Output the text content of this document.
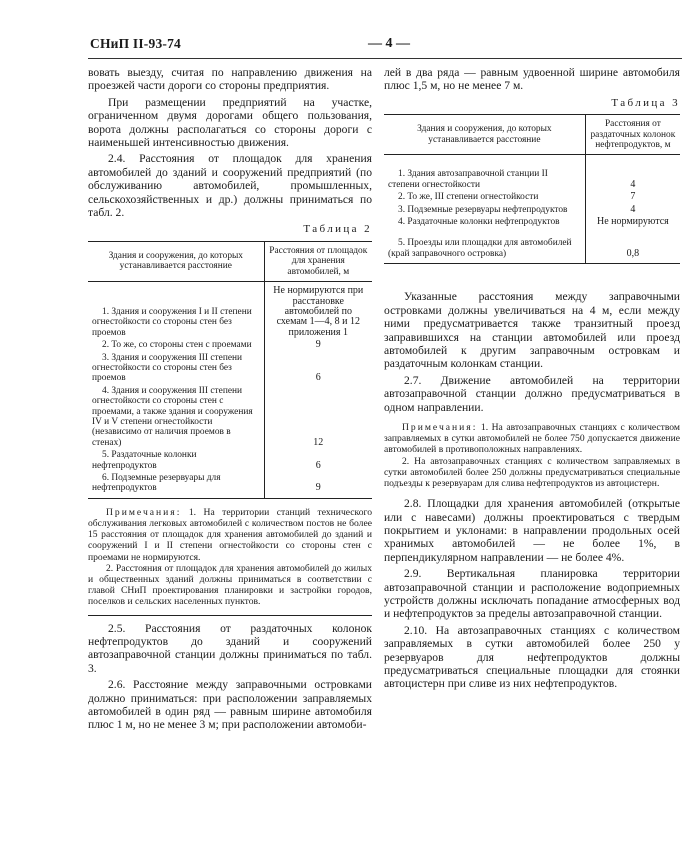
СНиП II-93-74	— 4 —

вовать выезду, считая по направлению движения на проезжей части дороги со стороны предприятия.

При размещении предприятий на участке, ограниченном двумя дорогами общего пользования, ворота должны располагаться со стороны дороги с наименьшей интенсивностью движения.

2.4. Расстояния от площадок для хранения автомобилей до зданий и сооружений предприятий (по обслуживанию автомобилей, промышленных, сельскохозяйственных и др.) должны приниматься по табл. 2.

Таблица 2
Здания и сооружения, до которых устанавливается расстояние	Расстояния от площадок для хранения автомобилей, м
1. Здания и сооружения I и II степени огнестойкости со стороны стен без проемов	Не нормируются при расстановке автомобилей по схемам 1—4, 8 и 12 приложения 1
2. То же, со стороны стен с проемами	9
3. Здания и сооружения III степени огнестойкости со стороны стен без проемов	6
4. Здания и сооружения III степени огнестойкости со стороны стен с проемами, а также здания и сооружения IV и V степени огнестойкости (независимо от наличия проемов в стенах)	12
5. Раздаточные колонки нефтепродуктов	6
6. Подземные резервуары для нефтепродуктов	9

Примечания: 1. На территории станций технического обслуживания легковых автомобилей с количеством постов не более 15 расстояния от площадок для хранения автомобилей до зданий и сооружений I и II степени огнестойкости со стороны стен с проемами не нормируются.

2. Расстояния от площадок для хранения автомобилей до жилых и общественных зданий должны приниматься в соответствии с главой СНиП проектирования планировки и застройки городов, поселков и сельских населенных пунктов.

2.5. Расстояния от раздаточных колонок нефтепродуктов до зданий и сооружений автозаправочной станции должны приниматься по табл. 3.

2.6. Расстояние между заправочными островками должно приниматься: при расположении заправляемых автомобилей в один ряд — равным ширине автомобиля плюс 1 м, но не менее 3 м; при расположении автомоби-

лей в два ряда — равным удвоенной ширине автомобиля плюс 1,5 м, но не менее 7 м.

Таблица 3
Здания и сооружения, до которых устанавливается расстояние	Расстояния от раздаточных колонок нефтепродуктов, м
1. Здания автозаправочной станции II степени огнестойкости	4
2. То же, III степени огнестойкости	7
3. Подземные резервуары нефтепродуктов	4
4. Раздаточные колонки нефтепродуктов	Не нормируются
5. Проезды или площадки для автомобилей (край заправочного островка)	0,8

Указанные расстояния между заправочными островками должны увеличиваться на 4 м, если между ними предусматривается также транзитный проезд заправившихся на станции автомобилей или проезд автомобилей к другим заправочным островкам и раздаточным колонкам станции.

2.7. Движение автомобилей на территории автозаправочной станции должно предусматриваться в одном направлении.

Примечания: 1. На автозаправочных станциях с количеством заправляемых в сутки автомобилей не более 750 допускается движение автомобилей в противоположных направлениях.

2. На автозаправочных станциях с количеством заправляемых в сутки автомобилей более 250 должны предусматриваться специальные подъезды к резервуарам для слива нефтепродуктов из автоцистерн.

2.8. Площадки для хранения автомобилей (открытые или с навесами) должны проектироваться с твердым покрытием и уклонами: в направлении продольных осей хранимых автомобилей — не более 1%, в перпендикулярном направлении — не более 4%.

2.9. Вертикальная планировка территории автозаправочной станции и расположение водоприемных устройств должны исключать попадание атмосферных вод и нефтепродуктов за пределы автозаправочной станции.

2.10. На автозаправочных станциях с количеством заправляемых в сутки автомобилей более 250 у резервуаров для нефтепродуктов должны предусматриваться специальные площадки для стоянки автоцистерн при сливе из них нефтепродуктов.
